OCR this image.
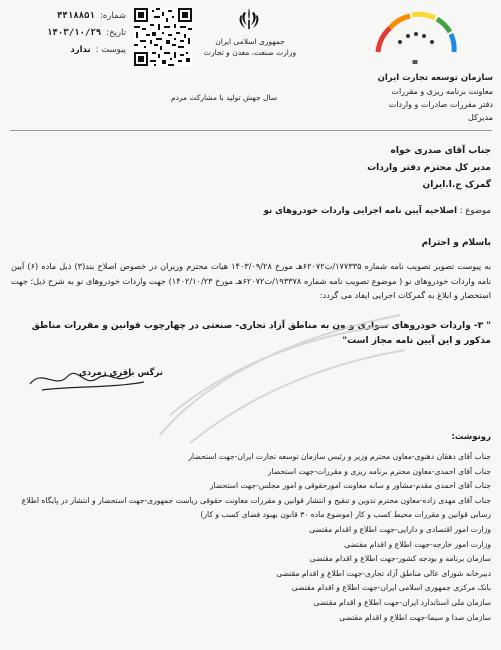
شماره:
۴۴۱۸۸۵۱
تاریخ:
۱۴۰۳/۱۰/۲۹
پیوست :
ندارد
جمهوری اسلامی ایران
وزارت صنعت، معدن و تجارت
سال جهش تولید با مشارکت مردم
سازمان توسعه تجارت ایران
معاونت برنامه ریزی و مقررات
دفتر مقررات صادرات و واردات
مدیرکل
جناب آقای صدری خواه
مدیر کل محترم دفتر واردات
گمرک ج.ا.ایران
موضوع : اصلاحیه آیین نامه اجرایی واردات خودروهای نو
باسلام و احترام
به پیوست تصویر تصویب نامه شماره ۱۷۷۳۳۵/ت۶۲۰۷۲هـ مورخ ۱۴۰۳/۰۹/۲۸ هیات محترم وزیران در خصوص اصلاح بند(۳) ذیل ماده (۶) آیین نامه واردات خودروهای نو ( موضوع تصویب نامه شماره ۱۹۳۳۷۸/ت۶۲۰۷۲هـ مورخ ۱۴۰۲/۱۰/۲۳) جهت واردات خودروهای نو به شرح ذیل؛ جهت استحضار و ابلاغ به گمرکات اجرایی ایفاد می گردد:
" ۳- واردات خودروهای سواری و ون به مناطق آزاد تجاری- صنعتی در چهارچوب قوانین و مقررات مناطق مذکور و این آیین نامه مجاز است"
نرگس باقری زمردی
رونوشت:
جناب آقای دهقان دهنوی-معاون محترم وزیر و رئیس سازمان توسعه تجارت ایران-جهت استحضار
جناب آقای احمدی-معاون محترم برنامه ریزی و مقررات-جهت استحضار
جناب آقای احمدی مقدم-مشاور و سانه معاونت امورحقوقی و امور مجلس-جهت استحضار
جناب آقای مهدی زاده-معاون محترم تدوین و تنقیح و انتشار قوانین و مقررات معاونت حقوقی ریاست جمهوری-جهت استحضار و انتشار در پایگاه اطلاع رسانی قوانین و مقررات محیط کسب و کار (موضوع ماده ۳۰ قانون بهبود فضای کسب و کار)
وزارت امور اقتصادی و دارایی-جهت اطلاع و اقدام مقتضی
وزارت امور خارجه-جهت اطلاع و اقدام مقتضی
سازمان برنامه و بودجه کشور-جهت اطلاع و اقدام مقتضی
دبیرخانه شورای عالی مناطق آزاد تجاری-جهت اطلاع و اقدام مقتضی
بانک مرکزی جمهوری اسلامی ایران-جهت اطلاع و اقدام مقتضی
سازمان ملی استاندارد ایران-جهت اطلاع و اقدام مقتضی
سازمان صدا و سیما-جهت اطلاع و اقدام مقتضی
